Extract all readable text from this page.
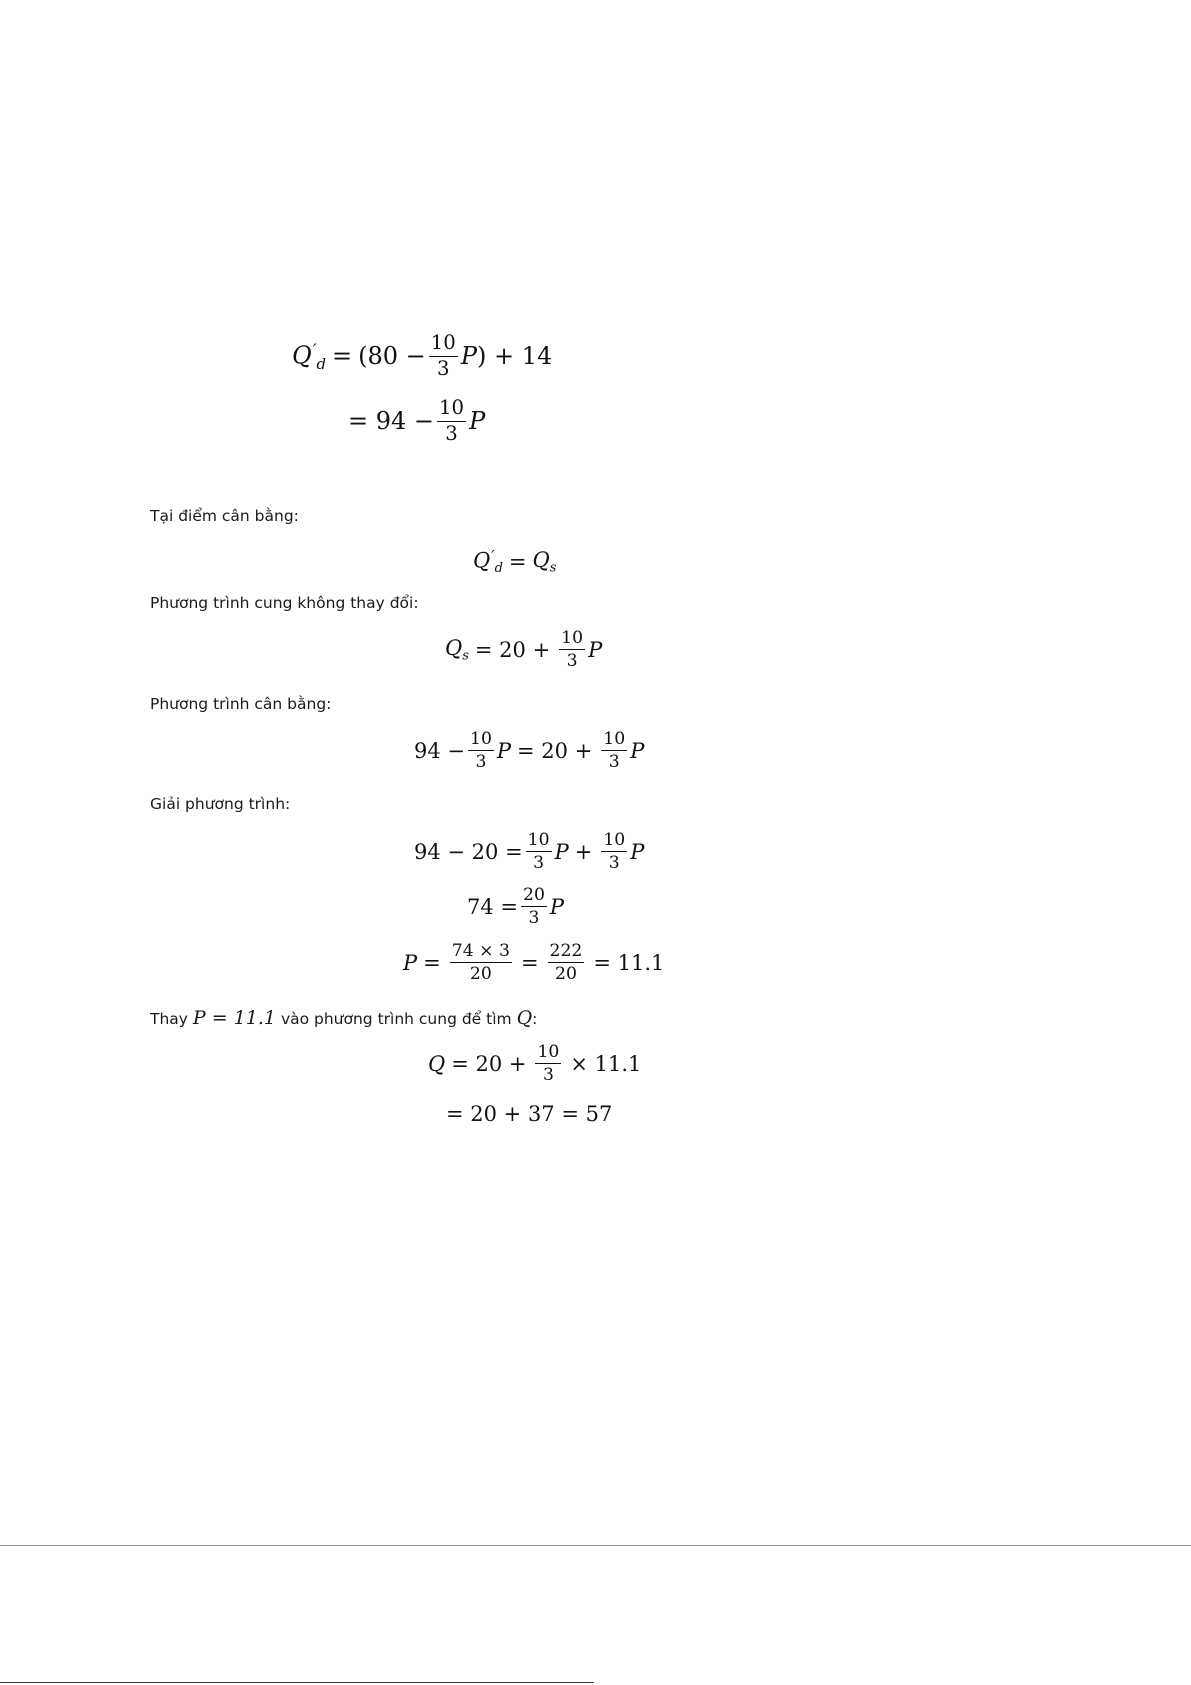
$Q'_d = (80 - \frac{10}{3}$ P ) + 14
= $94 - \frac{10}{3}$ P
Tại điểm cân bằng:
$Q'_d = Q_s$
Phương trình cung không thay đổi:
$Q_s = 20 + \frac{10}{3}$ P
Phương trình cân bằng:
$94 - \frac{10}{3}$ $P = 20 + \frac{10}{3}$ P
Giải phương trình:
$94 - 20 = \frac{10}{3}$ $P + \frac{10}{3}$ P
$74 = \frac{20}{3}$ P
$P = \frac{74 \times 3}{20} = \frac{222}{20} = 11.1$
Thay P = 11.1 vào phương trình cung để tìm Q:
$Q = 20 + \frac{10}{3} \times 11.1$
= 20 + 37 = 57
